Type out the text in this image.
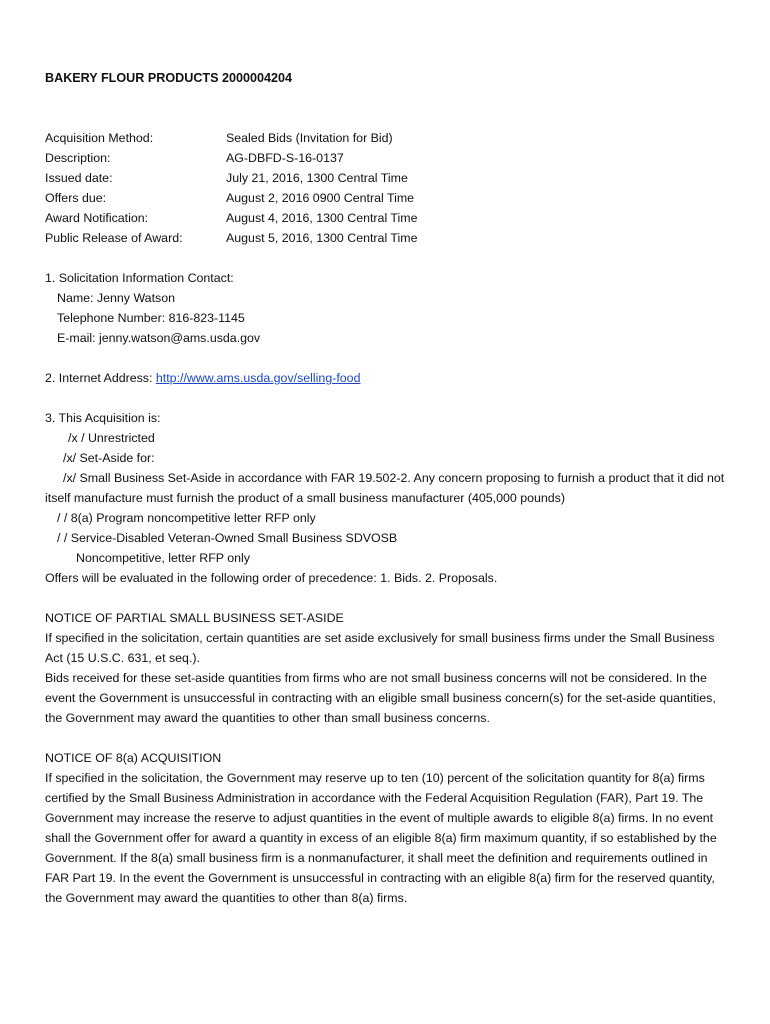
BAKERY FLOUR PRODUCTS 2000004204

Acquisition Method:	Sealed Bids (Invitation for Bid)
Description:	AG-DBFD-S-16-0137
Issued date:	July 21, 2016, 1300 Central Time
Offers due:	August 2, 2016 0900 Central Time
Award Notification:	August 4, 2016, 1300 Central Time
Public Release of Award:	August 5, 2016, 1300 Central Time
1. Solicitation Information Contact:
Name: Jenny Watson
Telephone Number: 816-823-1145
E-mail: jenny.watson@ams.usda.gov
2. Internet Address: http://www.ams.usda.gov/selling-food
3. This Acquisition is:
/x / Unrestricted
/x/ Set-Aside for:
/x/ Small Business Set-Aside in accordance with FAR 19.502-2. Any concern proposing to furnish a product that it did not itself manufacture must furnish the product of a small business manufacturer (405,000 pounds)
/ / 8(a) Program noncompetitive letter RFP only
/ / Service-Disabled Veteran-Owned Small Business SDVOSB
Noncompetitive, letter RFP only

Offers will be evaluated in the following order of precedence: 1. Bids. 2. Proposals.

NOTICE OF PARTIAL SMALL BUSINESS SET-ASIDE

If specified in the solicitation, certain quantities are set aside exclusively for small business firms under the Small Business Act (15 U.S.C. 631, et seq.).

Bids received for these set-aside quantities from firms who are not small business concerns will not be considered. In the event the Government is unsuccessful in contracting with an eligible small business concern(s) for the set-aside quantities, the Government may award the quantities to other than small business concerns.

NOTICE OF 8(a) ACQUISITION

If specified in the solicitation, the Government may reserve up to ten (10) percent of the solicitation quantity for 8(a) firms certified by the Small Business Administration in accordance with the Federal Acquisition Regulation (FAR), Part 19. The Government may increase the reserve to adjust quantities in the event of multiple awards to eligible 8(a) firms. In no event shall the Government offer for award a quantity in excess of an eligible 8(a) firm maximum quantity, if so established by the Government. If the 8(a) small business firm is a nonmanufacturer, it shall meet the definition and requirements outlined in FAR Part 19. In the event the Government is unsuccessful in contracting with an eligible 8(a) firm for the reserved quantity, the Government may award the quantities to other than 8(a) firms.
